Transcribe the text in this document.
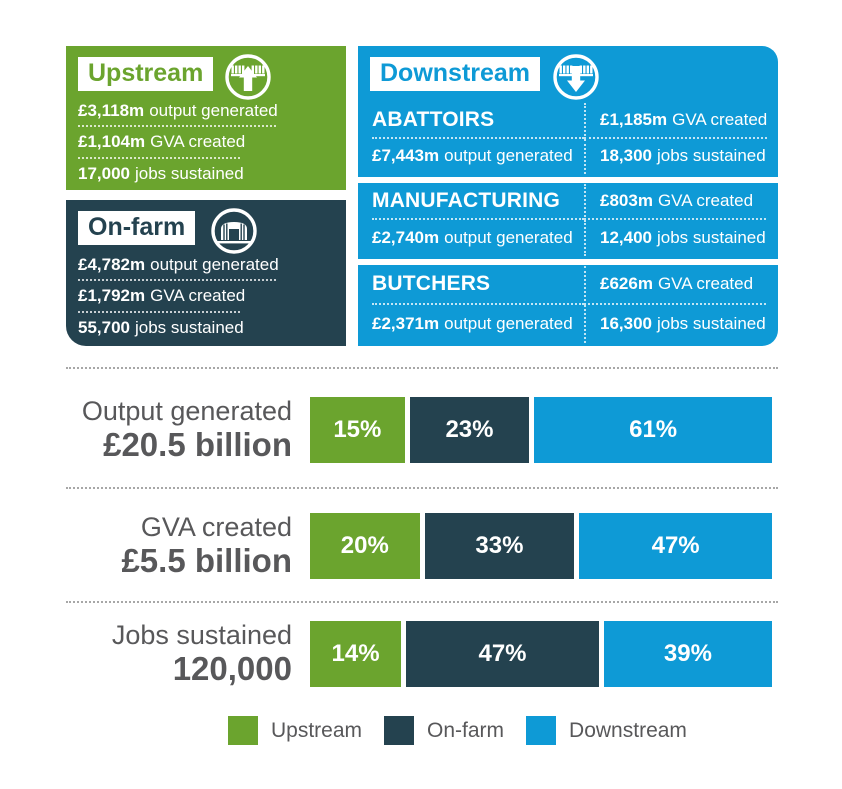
Upstream
£3,118m output generated
£1,104m GVA created
17,000 jobs sustained
On-farm
£4,782m output generated
£1,792m GVA created
55,700 jobs sustained
Downstream
ABATTOIRS	£1,185m GVA created
£7,443m output generated 18,300 jobs sustained
MANUFACTURING	£803m GVA created
£2,740m output generated 12,400 jobs sustained
BUTCHERS	£626m GVA created
£2,371m output generated 16,300 jobs sustained
Output generated
£20.5 billion	15%	23%	61%
GVA created
£5.5 billion	20%	33%	47%
Jobs sustained
120,000	14%	47%	39%
Upstream	On-farm	Downstream
